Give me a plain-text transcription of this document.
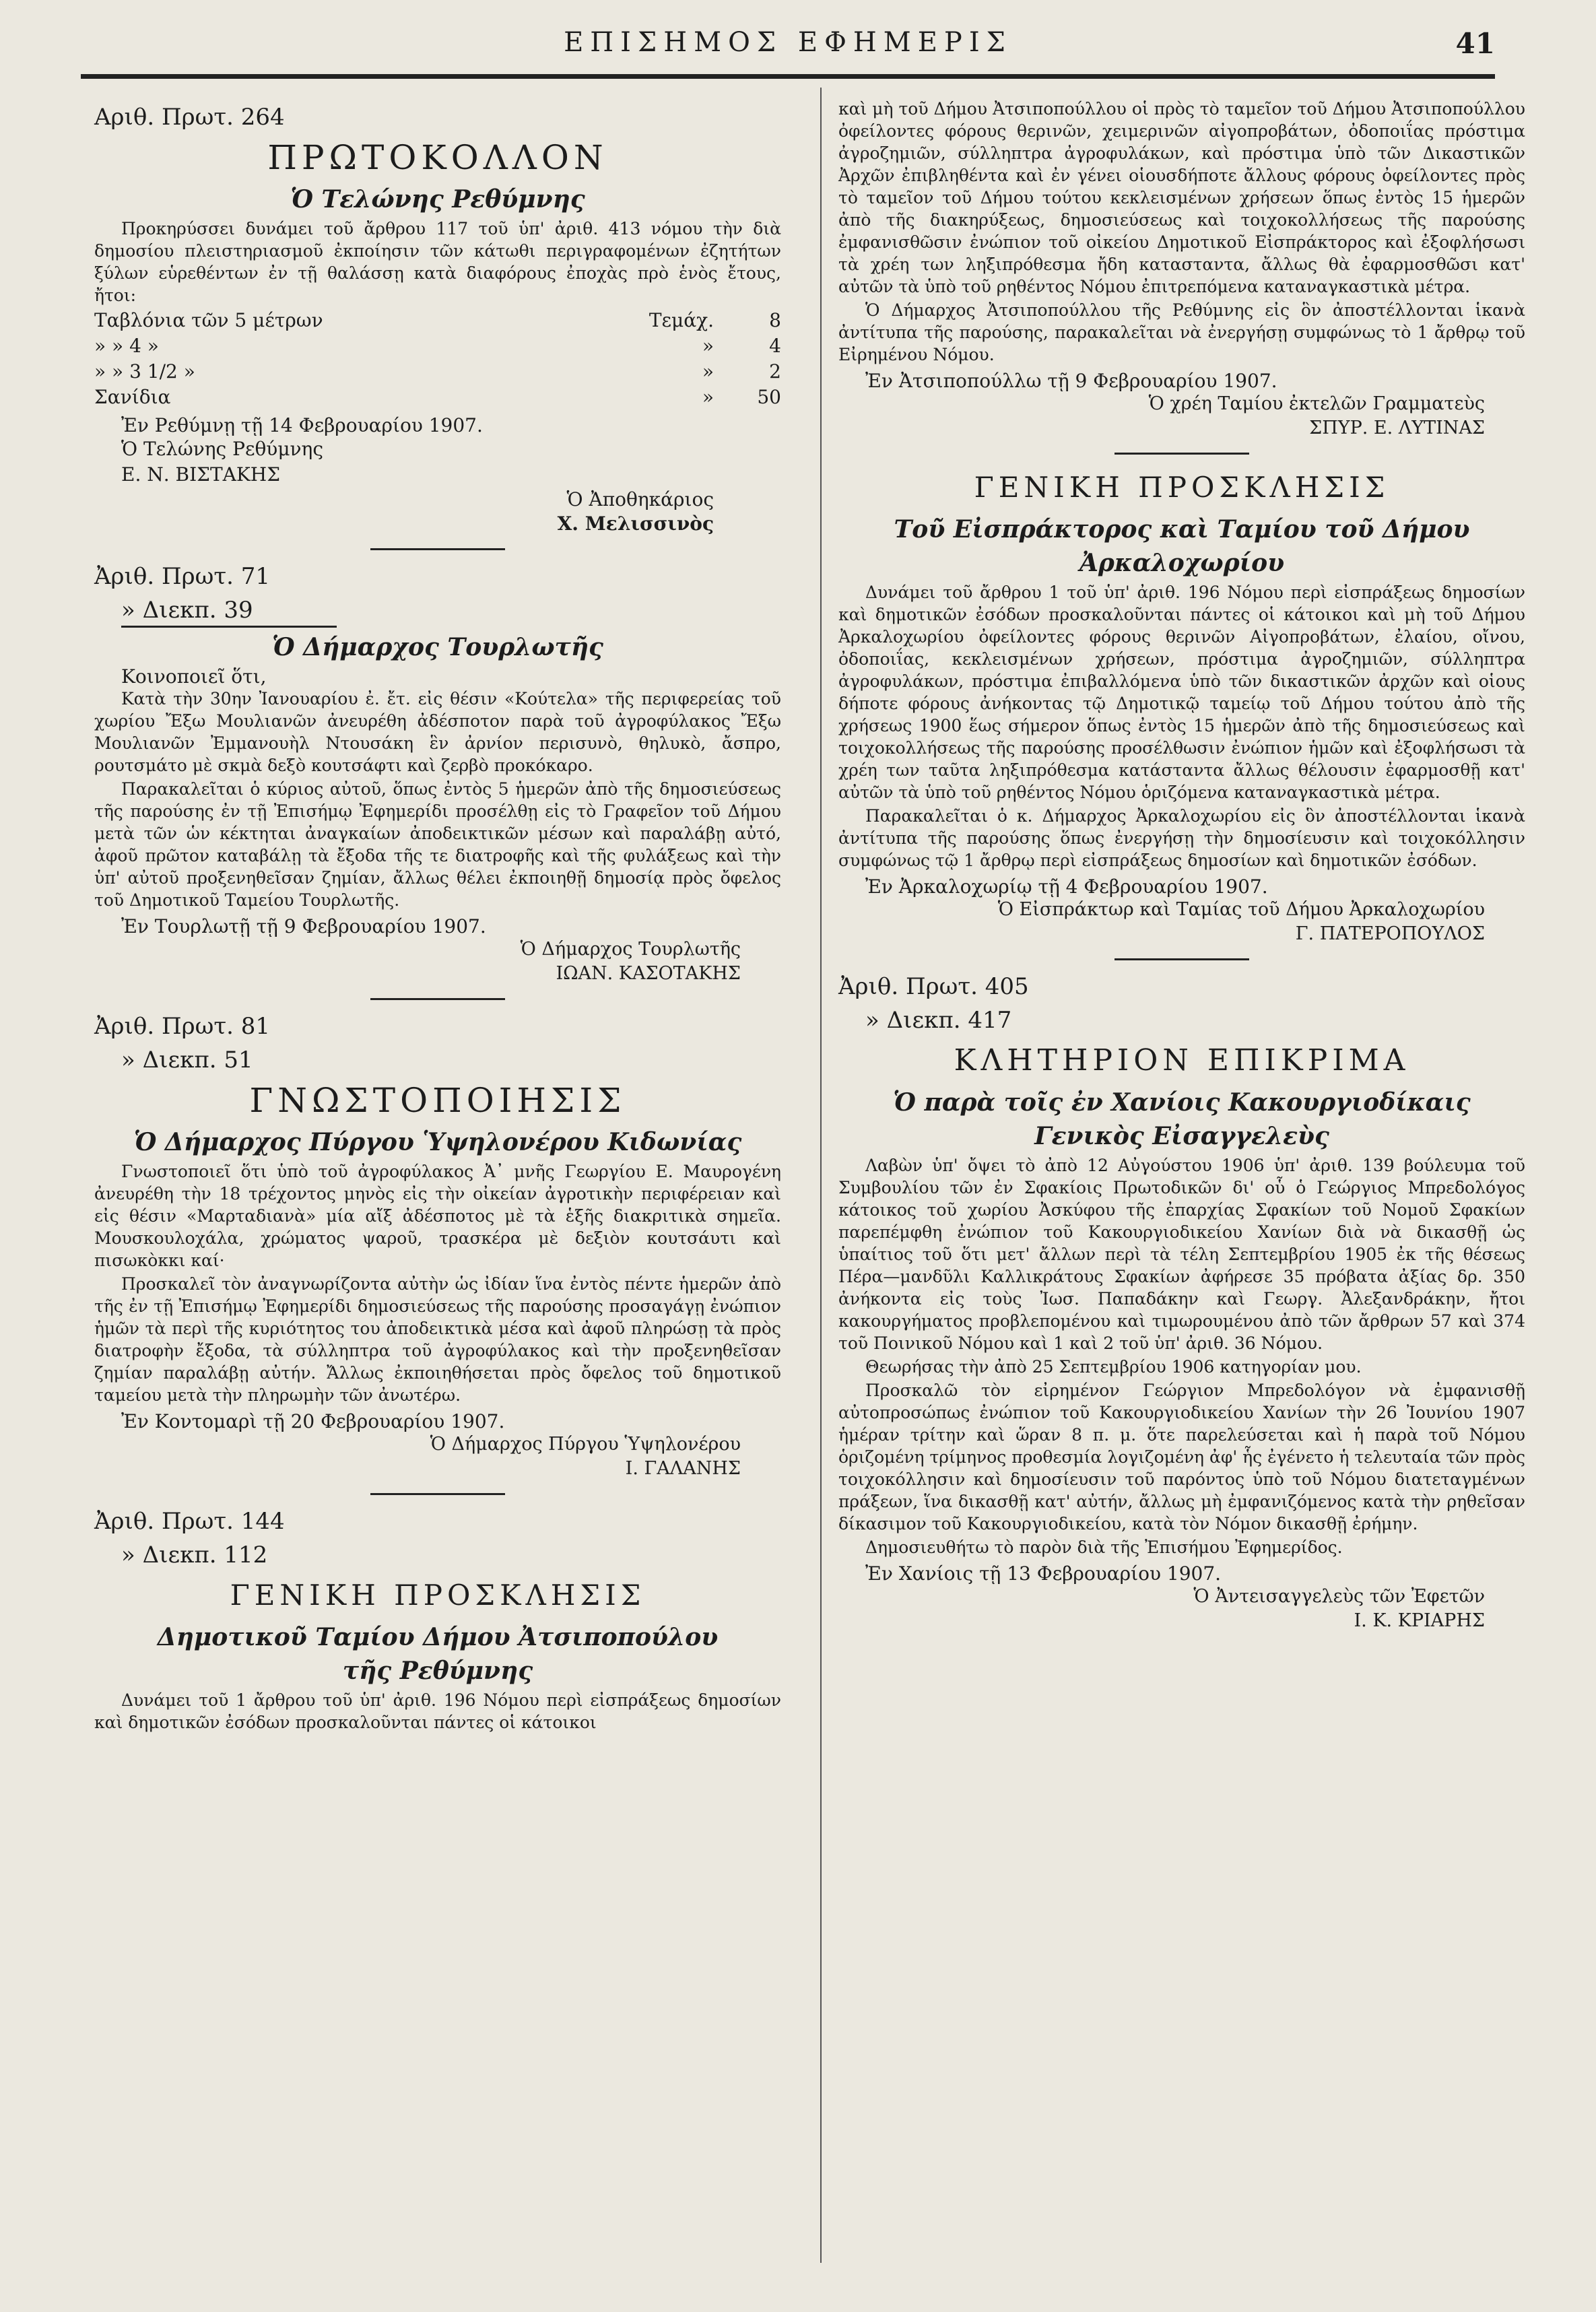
ΕΠΙΣΗΜΟΣ ΕΦΗΜΕΡΙΣ	41
Αριθ. Πρωτ. 264
ΠΡΩΤΟΚΟΛΛΟΝ
Ὁ Τελώνης Ρεθύμνης

Προκηρύσσει δυνάμει τοῦ ἄρθρου 117 τοῦ ὑπ' ἀριθ. 413 νόμου τὴν διὰ δημοσίου πλειστηριασμοῦ ἐκποίησιν τῶν κάτωθι περιγραφομένων ἐζητήτων ξύλων εὑρεθέντων ἐν τῇ θαλάσσῃ κατὰ διαφόρους ἐποχὰς πρὸ ἑνὸς ἔτους, ἤτοι:

Ταβλόνια τῶν 5 μέτρων	Τεμάχ.	8
» » 4 »	»	4
» » 3 1/2 »	»	2
Σανίδια	»	50
Ἐν Ρεθύμνῃ τῇ 14 Φεβρουαρίου 1907.
Ὁ Τελώνης Ρεθύμνης
Ε. Ν. ΒΙΣΤΑΚΗΣ
Ὁ Ἀποθηκάριος
Χ. Μελισσινὸς
Ἀριθ. Πρωτ. 71
» Διεκπ. 39
Ὁ Δήμαρχος Τουρλωτῆς
Κοινοποιεῖ ὅτι,

Κατὰ τὴν 30ην Ἰανουαρίου ἐ. ἔτ. εἰς θέσιν «Κούτελα» τῆς περιφερείας τοῦ χωρίου Ἔξω Μουλιανῶν ἀνευρέθη ἀδέσποτον παρὰ τοῦ ἀγροφύλακος Ἔξω Μουλιανῶν Ἐμμανουὴλ Ντουσάκη ἓν ἀρνίον περισυνὸ, θηλυκὸ, ἄσπρο, ρουτσμάτο μὲ σκμὰ δεξὸ κουτσάφτι καὶ ζερβὸ προκόκαρο.

Παρακαλεῖται ὁ κύριος αὐτοῦ, ὅπως ἐντὸς 5 ἡμερῶν ἀπὸ τῆς δημοσιεύσεως τῆς παρούσης ἐν τῇ Ἐπισήμῳ Ἐφημερίδι προσέλθῃ εἰς τὸ Γραφεῖον τοῦ Δήμου μετὰ τῶν ὡν κέκτηται ἀναγκαίων ἀποδεικτικῶν μέσων καὶ παραλάβῃ αὐτό, ἀφοῦ πρῶτον καταβάλῃ τὰ ἔξοδα τῆς τε διατροφῆς καὶ τῆς φυλάξεως καὶ τὴν ὑπ' αὐτοῦ προξενηθεῖσαν ζημίαν, ἄλλως θέλει ἐκποιηθῇ δημοσίᾳ πρὸς ὄφελος τοῦ Δημοτικοῦ Ταμείου Τουρλωτῆς.

Ἐν Τουρλωτῇ τῇ 9 Φεβρουαρίου 1907.
Ὁ Δήμαρχος Τουρλωτῆς
ΙΩΑΝ. ΚΑΣΟΤΑΚΗΣ
Ἀριθ. Πρωτ. 81
» Διεκπ. 51
ΓΝΩΣΤΟΠΟΙΗΣΙΣ
Ὁ Δήμαρχος Πύργου Ὑψηλονέρου Κιδωνίας

Γνωστοποιεῖ ὅτι ὑπὸ τοῦ ἀγροφύλακος Ἀ᾽ μνῆς Γεωργίου Ε. Μαυρογένη ἀνευρέθη τὴν 18 τρέχοντος μηνὸς εἰς τὴν οἰκείαν ἀγροτικὴν περιφέρειαν καὶ εἰς θέσιν «Μαρταδιανὰ» μία αἴξ ἀδέσποτος μὲ τὰ ἑξῆς διακριτικὰ σημεῖα. Μουσκουλοχάλα, χρώματος ψαροῦ, τρασκέρα μὲ δεξιὸν κουτσάυτι καὶ πισωκὸκκι καί·

Προσκαλεῖ τὸν ἀναγνωρίζοντα αὐτὴν ὡς ἰδίαν ἵνα ἐντὸς πέντε ἡμερῶν ἀπὸ τῆς ἐν τῇ Ἐπισήμῳ Ἐφημερίδι δημοσιεύσεως τῆς παρούσης προσαγάγῃ ἐνώπιον ἡμῶν τὰ περὶ τῆς κυριότητος του ἀποδεικτικὰ μέσα καὶ ἀφοῦ πληρώσῃ τὰ πρὸς διατροφὴν ἔξοδα, τὰ σύλληπτρα τοῦ ἀγροφύλακος καὶ τὴν προξενηθεῖσαν ζημίαν παραλάβῃ αὐτήν. Ἄλλως ἐκποιηθήσεται πρὸς ὄφελος τοῦ δημοτικοῦ ταμείου μετὰ τὴν πληρωμὴν τῶν ἀνωτέρω.

Ἐν Κοντομαρὶ τῇ 20 Φεβρουαρίου 1907.
Ὁ Δήμαρχος Πύργου Ὑψηλονέρου
Ι. ΓΑΛΑΝΗΣ
Ἀριθ. Πρωτ. 144
» Διεκπ. 112
ΓΕΝΙΚΗ ΠΡΟΣΚΛΗΣΙΣ
Δημοτικοῦ Ταμίου Δήμου Ἀτσιποπούλου
τῆς Ρεθύμνης

Δυνάμει τοῦ 1 ἄρθρου τοῦ ὑπ' ἀριθ. 196 Νόμου περὶ εἰσπράξεως δημοσίων καὶ δημοτικῶν ἐσόδων προσκαλοῦνται πάντες οἱ κάτοικοι

καὶ μὴ τοῦ Δήμου Ἀτσιποπούλλου οἱ πρὸς τὸ ταμεῖον τοῦ Δήμου Ἀτσιποπούλλου ὀφείλοντες φόρους θερινῶν, χειμερινῶν αἰγοπροβάτων, ὀδοποιΐας πρόστιμα ἀγροζημιῶν, σύλληπτρα ἀγροφυλάκων, καὶ πρόστιμα ὑπὸ τῶν Δικαστικῶν Ἀρχῶν ἐπιβληθέντα καὶ ἐν γένει οἱουσδήποτε ἄλλους φόρους ὀφείλοντες πρὸς τὸ ταμεῖον τοῦ Δήμου τούτου κεκλεισμένων χρήσεων ὅπως ἐντὸς 15 ἡμερῶν ἀπὸ τῆς διακηρύξεως, δημοσιεύσεως καὶ τοιχοκολλήσεως τῆς παρούσης ἐμφανισθῶσιν ἐνώπιον τοῦ οἰκείου Δημοτικοῦ Εἰσπράκτορος καὶ ἐξοφλήσωσι τὰ χρέη των ληξιπρόθεσμα ἤδη κατασταντα, ἄλλως θὰ ἐφαρμοσθῶσι κατ' αὐτῶν τὰ ὑπὸ τοῦ ρηθέντος Νόμου ἐπιτρεπόμενα καταναγκαστικὰ μέτρα.

Ὁ Δήμαρχος Ἀτσιποπούλλου τῆς Ρεθύμνης εἰς ὃν ἀποστέλλονται ἱκανὰ ἀντίτυπα τῆς παρούσης, παρακαλεῖται νὰ ἐνεργήσῃ συμφώνως τὸ 1 ἄρθρῳ τοῦ Εἰρημένου Νόμου.

Ἐν Ἀτσιποπούλλω τῇ 9 Φεβρουαρίου 1907.
Ὁ χρέη Ταμίου ἐκτελῶν Γραμματεὺς
ΣΠΥΡ. Ε. ΛΥΤΙΝΑΣ
ΓΕΝΙΚΗ ΠΡΟΣΚΛΗΣΙΣ
Τοῦ Εἰσπράκτορος καὶ Ταμίου τοῦ Δήμου
Ἀρκαλοχωρίου

Δυνάμει τοῦ ἄρθρου 1 τοῦ ὑπ' ἀριθ. 196 Νόμου περὶ εἰσπράξεως δημοσίων καὶ δημοτικῶν ἐσόδων προσκαλοῦνται πάντες οἱ κάτοικοι καὶ μὴ τοῦ Δήμου Ἀρκαλοχωρίου ὀφείλοντες φόρους θερινῶν Αἰγοπροβάτων, ἐλαίου, οἴνου, ὀδοποιΐας, κεκλεισμένων χρήσεων, πρόστιμα ἀγροζημιῶν, σύλληπτρα ἀγροφυλάκων, πρόστιμα ἐπιβαλλόμενα ὑπὸ τῶν δικαστικῶν ἀρχῶν καὶ οἱους δήποτε φόρους ἀνήκοντας τῷ Δημοτικῷ ταμείῳ τοῦ Δήμου τούτου ἀπὸ τῆς χρήσεως 1900 ἕως σήμερον ὅπως ἐντὸς 15 ἡμερῶν ἀπὸ τῆς δημοσιεύσεως καὶ τοιχοκολλήσεως τῆς παρούσης προσέλθωσιν ἐνώπιον ἡμῶν καὶ ἐξοφλήσωσι τὰ χρέη των ταῦτα ληξιπρόθεσμα κατάσταντα ἄλλως θέλουσιν ἐφαρμοσθῇ κατ' αὐτῶν τὰ ὑπὸ τοῦ ρηθέντος Νόμου ὁριζόμενα καταναγκαστικὰ μέτρα.

Παρακαλεῖται ὁ κ. Δήμαρχος Ἀρκαλοχωρίου εἰς ὃν ἀποστέλλονται ἱκανὰ ἀντίτυπα τῆς παρούσης ὅπως ἐνεργήσῃ τὴν δημοσίευσιν καὶ τοιχοκόλλησιν συμφώνως τῷ 1 ἄρθρῳ περὶ εἰσπράξεως δημοσίων καὶ δημοτικῶν ἐσόδων.

Ἐν Ἀρκαλοχωρίῳ τῇ 4 Φεβρουαρίου 1907.
Ὁ Εἰσπράκτωρ καὶ Ταμίας τοῦ Δήμου Ἀρκαλοχωρίου
Γ. ΠΑΤΕΡΟΠΟΥΛΟΣ
Ἀριθ. Πρωτ. 405
» Διεκπ. 417
ΚΛΗΤΗΡΙΟΝ ΕΠΙΚΡΙΜΑ
Ὁ παρὰ τοῖς ἐν Χανίοις Κακουργιοδίκαις
Γενικὸς Εἰσαγγελεὺς

Λαβὼν ὑπ' ὄψει τὸ ἀπὸ 12 Αὐγούστου 1906 ὑπ' ἀριθ. 139 βούλευμα τοῦ Συμβουλίου τῶν ἐν Σφακίοις Πρωτοδικῶν δι' οὗ ὁ Γεώργιος Μπρεδολόγος κάτοικος τοῦ χωρίου Ἀσκύφου τῆς ἐπαρχίας Σφακίων τοῦ Νομοῦ Σφακίων παρεπέμφθη ἐνώπιον τοῦ Κακουργιοδικείου Χανίων διὰ νὰ δικασθῇ ὡς ὑπαίτιος τοῦ ὅτι μετ' ἄλλων περὶ τὰ τέλη Σεπτεμβρίου 1905 ἐκ τῆς θέσεως Πέρα—μανδῦλι Καλλικράτους Σφακίων ἀφήρεσε 35 πρόβατα ἀξίας δρ. 350 ἀνήκοντα εἰς τοὺς Ἰωσ. Παπαδάκην καὶ Γεωργ. Ἀλεξανδράκην, ἤτοι κακουργήματος προβλεπομένου καὶ τιμωρουμένου ἀπὸ τῶν ἄρθρων 57 καὶ 374 τοῦ Ποινικοῦ Νόμου καὶ 1 καὶ 2 τοῦ ὑπ' ἀριθ. 36 Νόμου.

Θεωρήσας τὴν ἀπὸ 25 Σεπτεμβρίου 1906 κατηγορίαν μου.

Προσκαλῶ τὸν εἰρημένον Γεώργιον Μπρεδολόγον νὰ ἐμφανισθῇ αὐτοπροσώπως ἐνώπιον τοῦ Κακουργιοδικείου Χανίων τὴν 26 Ἰουνίου 1907 ἡμέραν τρίτην καὶ ὥραν 8 π. μ. ὅτε παρελεύσεται καὶ ἡ παρὰ τοῦ Νόμου ὁριζομένη τρίμηνος προθεσμία λογιζομένη ἀφ' ἧς ἐγένετο ἡ τελευταία τῶν πρὸς τοιχοκόλλησιν καὶ δημοσίευσιν τοῦ παρόντος ὑπὸ τοῦ Νόμου διατεταγμένων πράξεων, ἵνα δικασθῇ κατ' αὐτήν, ἄλλως μὴ ἐμφανιζόμενος κατὰ τὴν ρηθεῖσαν δίκασιμον τοῦ Κακουργιοδικείου, κατὰ τὸν Νόμον δικασθῇ ἐρήμην.

Δημοσιευθήτω τὸ παρὸν διὰ τῆς Ἐπισήμου Ἐφημερίδος.

Ἐν Χανίοις τῇ 13 Φεβρουαρίου 1907.
Ὁ Ἀντεισαγγελεὺς τῶν Ἐφετῶν
Ι. Κ. ΚΡΙΑΡΗΣ
